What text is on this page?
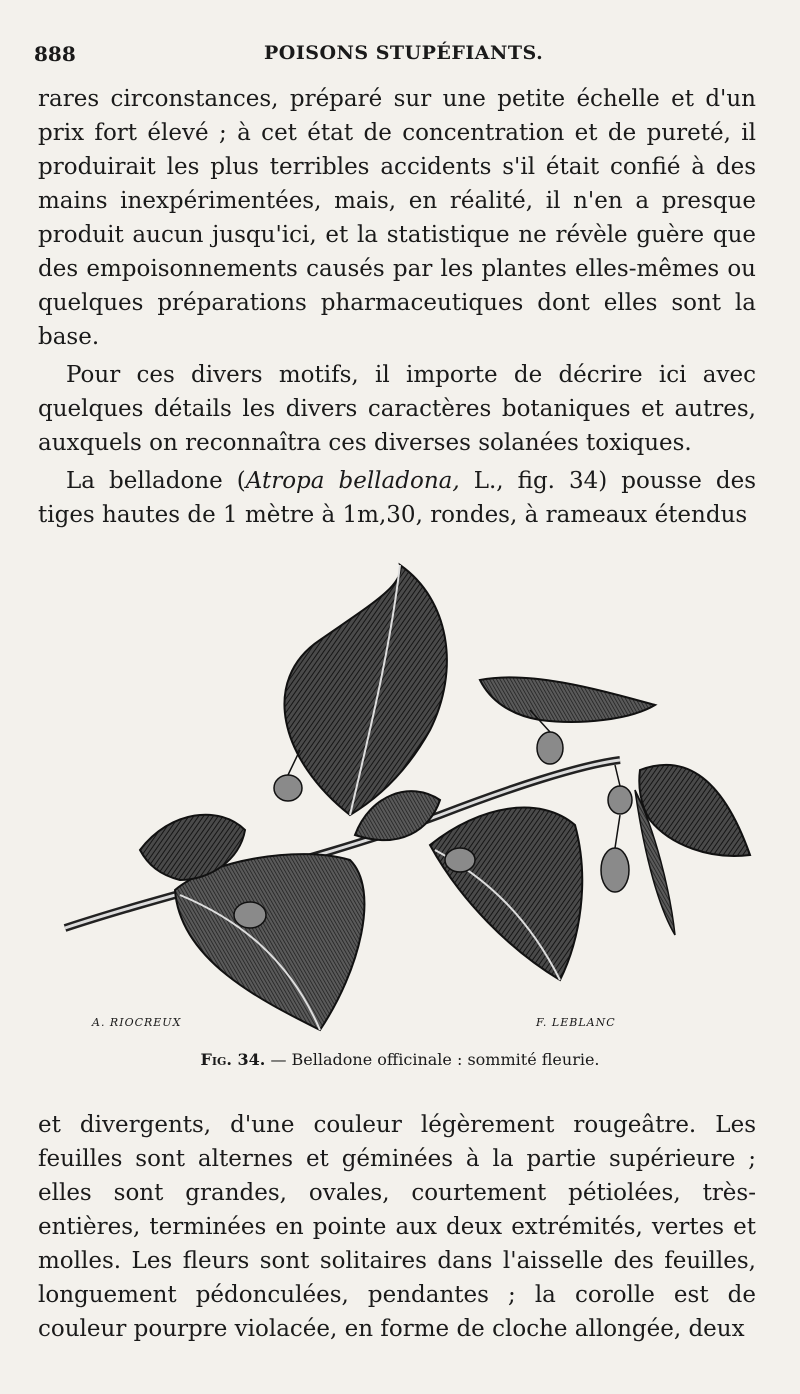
888	POISONS STUPÉFIANTS.

rares circonstances, préparé sur une petite échelle et d'un prix fort élevé ; à cet état de concentration et de pureté, il produirait les plus terribles accidents s'il était confié à des mains inexpérimentées, mais, en réalité, il n'en a presque produit aucun jusqu'ici, et la statistique ne révèle guère que des empoisonnements causés par les plantes elles-mêmes ou quelques préparations pharmaceutiques dont elles sont la base.

Pour ces divers motifs, il importe de décrire ici avec quelques détails les divers caractères botaniques et autres, auxquels on reconnaîtra ces diverses solanées toxiques.

La belladone (Atropa belladona, L., fig. 34) pousse des tiges hautes de 1 mètre à 1m,30, rondes, à rameaux étendus

A. RIOCREUX	F. LEBLANC
Fig. 34. — Belladone officinale : sommité fleurie.

et divergents, d'une couleur légèrement rougeâtre. Les feuilles sont alternes et géminées à la partie supérieure ; elles sont grandes, ovales, courtement pétiolées, très-entières, terminées en pointe aux deux extrémités, vertes et molles. Les fleurs sont solitaires dans l'aisselle des feuilles, longuement pédonculées, pendantes ; la corolle est de couleur pourpre violacée, en forme de cloche allongée, deux
